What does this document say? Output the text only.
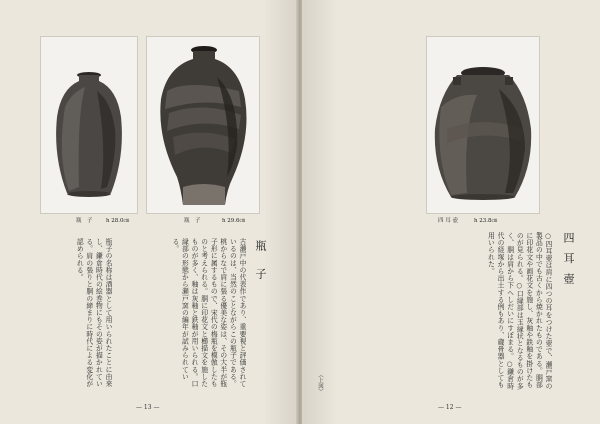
瓶　子 h 28.0㎝	瓶　子	h 29.6㎝
瓶　子
古瀬戸中の代表作であり、重要視と評価されているのは、当然のことながらこの瓶子である。桃からなで肩に張る優美な姿は、その大半が瓶子形に属するもので、宋代の梅瓶を模倣したものと考えられる。胴に印花文と櫛描文を施したものが多く、釉は灰釉と鉄釉が用いられる。口縁部の形態から瀬戸窯の編年が試みられている。
瓶子の名称は酒器として用いられたことに由来し、鎌倉時代の絵巻物にもその姿が描かれている。肩の張りと胴の締まりに時代による変化が認められる。
— 13 —
四 耳 壺	h 23.8㎝
四 耳 壺
○四耳壺は肩に四つの耳をつけた壺で、瀬戸窯の製品の中でも古くから焼かれたものである。胴部に印花文や画花文を施し、灰釉や鉄釉を掛けたものが見られる。○口縁部は玉縁状となるものが多く、胴は肩から下へしだいにすぼまる。○鎌倉時代の経塚から出土する例もあり、蔵骨器としても用いられた。
（上図）
— 12 —
